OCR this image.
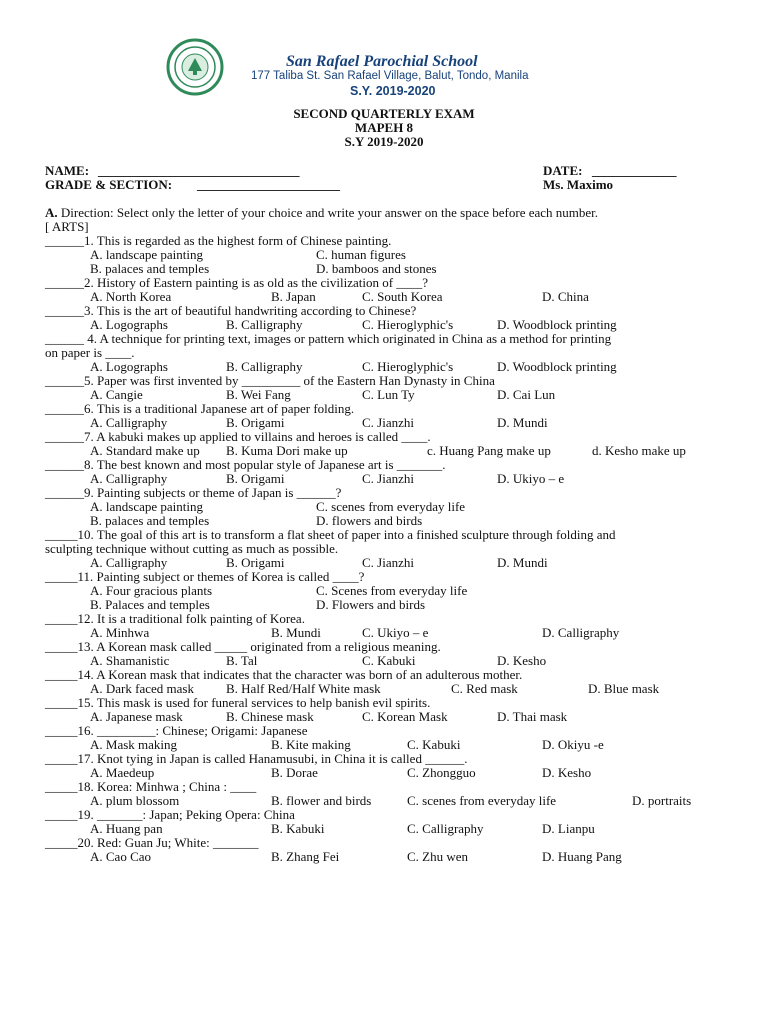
San Rafael Parochial School
177 Taliba St. San Rafael Village, Balut, Tondo, Manila
S.Y. 2019-2020
SECOND QUARTERLY EXAM
MAPEH 8
S.Y 2019-2020
NAME: _______________________________	DATE: _____________
GRADE & SECTION: ______________________	Ms. Maximo
A. Direction: Select only the letter of your choice and write your answer on the space before each number.
[ ARTS]
______1. This is regarded as the highest form of Chinese painting.
A. landscape painting	C. human figures
B. palaces and temples	D. bamboos and stones
______2. History of Eastern painting is as old as the civilization of ____?
A. North Korea	B. Japan	C. South Korea	D. China
______3. This is the art of beautiful handwriting according to Chinese?
A. Logographs	B. Calligraphy	C. Hieroglyphic's	D. Woodblock printing
______ 4. A technique for printing text, images or pattern which originated in China as a method for printing
on paper is ____.
A. Logographs	B. Calligraphy	C. Hieroglyphic's	D. Woodblock printing
______5. Paper was first invented by _________ of the Eastern Han Dynasty in China
A. Cangie	B. Wei Fang	C. Lun Ty	D. Cai Lun
______6. This is a traditional Japanese art of paper folding.
A. Calligraphy	B. Origami	C. Jianzhi	D. Mundi
______7. A kabuki makes up applied to villains and heroes is called ____.
A. Standard make up B. Kuma Dori make up	c. Huang Pang make up	d. Kesho make up
______8. The best known and most popular style of Japanese art is _______.
A. Calligraphy	B. Origami	C. Jianzhi	D. Ukiyo – e
______9. Painting subjects or theme of Japan is ______?
A. landscape painting	C. scenes from everyday life
B. palaces and temples	D. flowers and birds
_____10. The goal of this art is to transform a flat sheet of paper into a finished sculpture through folding and
sculpting technique without cutting as much as possible.
A. Calligraphy	B. Origami	C. Jianzhi	D. Mundi
_____11. Painting subject or themes of Korea is called ____?
A. Four gracious plants	C. Scenes from everyday life
B. Palaces and temples	D. Flowers and birds
_____12. It is a traditional folk painting of Korea.
A. Minhwa	B. Mundi	C. Ukiyo – e	D. Calligraphy
_____13. A Korean mask called _____ originated from a religious meaning.
A. Shamanistic	B. Tal	C. Kabuki	D. Kesho
_____14. A Korean mask that indicates that the character was born of an adulterous mother.
A. Dark faced mask B. Half Red/Half White mask	C. Red mask	D. Blue mask
_____15. This mask is used for funeral services to help banish evil spirits.
A. Japanese mask	B. Chinese mask	C. Korean Mask	D. Thai mask
_____16. _________: Chinese; Origami: Japanese
A. Mask making	B. Kite making	C. Kabuki	D. Okiyu -e
_____17. Knot tying in Japan is called Hanamusubi, in China it is called ______.
A. Maedeup	B. Dorae	C. Zhongguo	D. Kesho
_____18. Korea: Minhwa ; China : ____
A. plum blossom	B. flower and birds	C. scenes from everyday life	D. portraits
_____19. _______: Japan; Peking Opera: China
A. Huang pan	B. Kabuki	C. Calligraphy	D. Lianpu
_____20. Red: Guan Ju; White: _______
A. Cao Cao	B. Zhang Fei	C. Zhu wen	D. Huang Pang
